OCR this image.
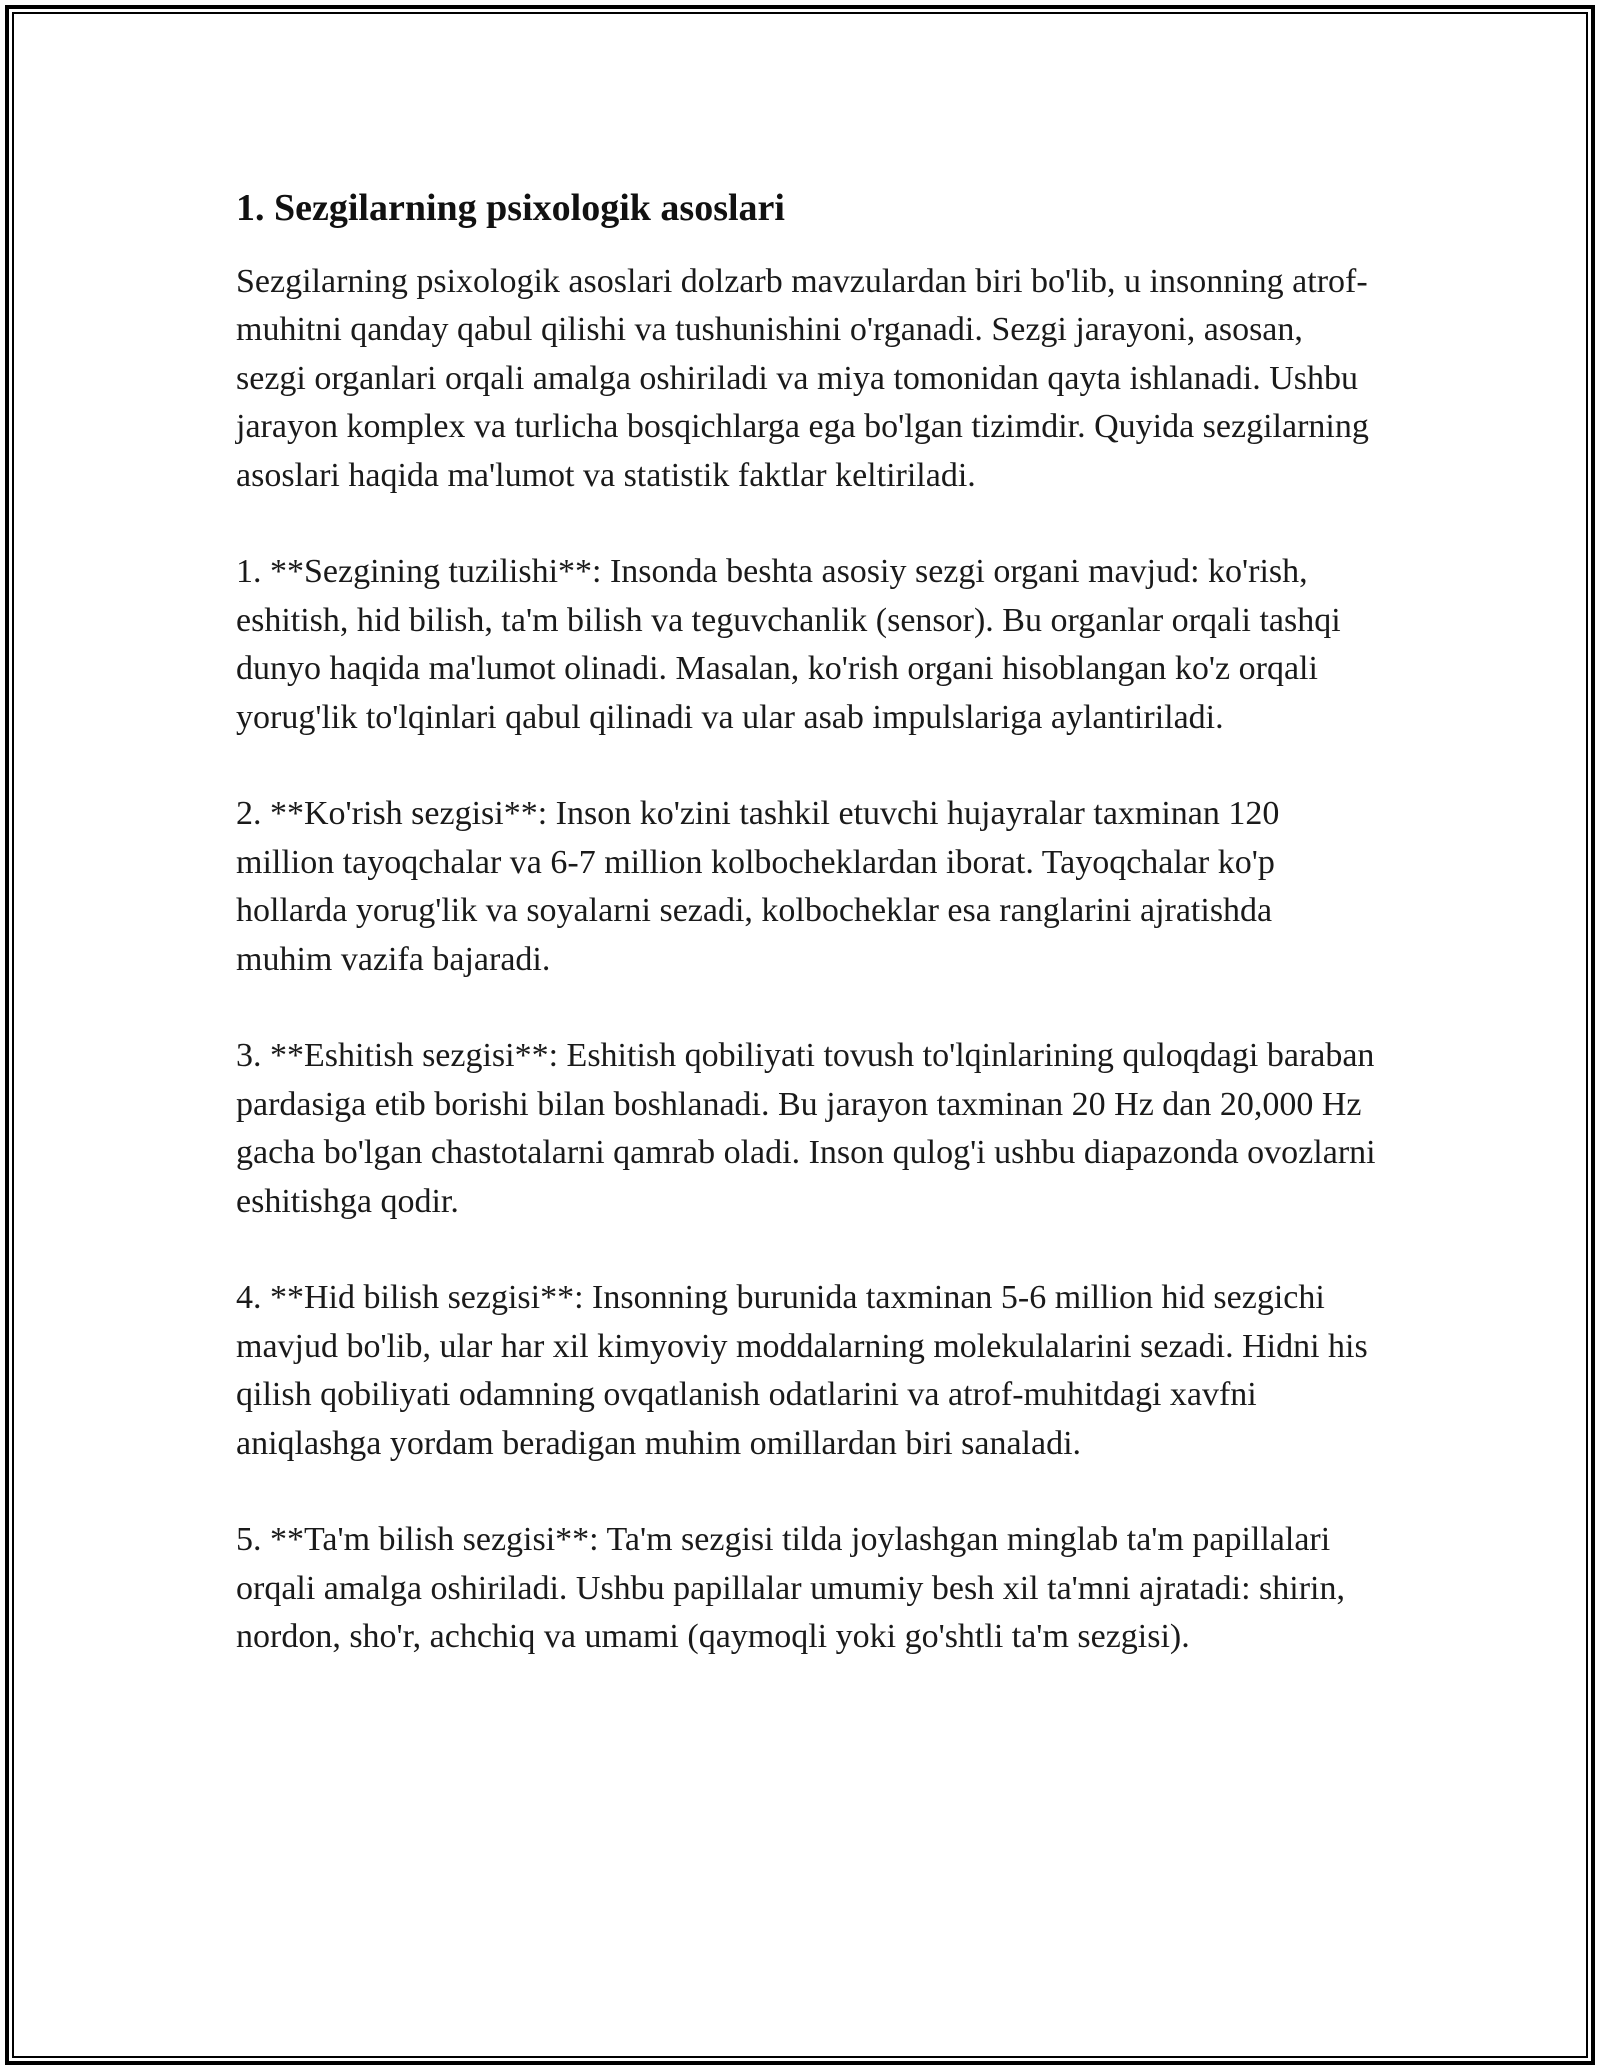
1. Sezgilarning psixologik asoslari

Sezgilarning psixologik asoslari dolzarb mavzulardan biri bo'lib, u insonning atrof-muhitni qanday qabul qilishi va tushunishini o'rganadi. Sezgi jarayoni, asosan, sezgi organlari orqali amalga oshiriladi va miya tomonidan qayta ishlanadi. Ushbu jarayon komplex va turlicha bosqichlarga ega bo'lgan tizimdir. Quyida sezgilarning asoslari haqida ma'lumot va statistik faktlar keltiriladi.

1. **Sezgining tuzilishi**: Insonda beshta asosiy sezgi organi mavjud: ko'rish, eshitish, hid bilish, ta'm bilish va teguvchanlik (sensor). Bu organlar orqali tashqi dunyo haqida ma'lumot olinadi. Masalan, ko'rish organi hisoblangan ko'z orqali yorug'lik to'lqinlari qabul qilinadi va ular asab impulslariga aylantiriladi.

2. **Ko'rish sezgisi**: Inson ko'zini tashkil etuvchi hujayralar taxminan 120 million tayoqchalar va 6-7 million kolbocheklardan iborat. Tayoqchalar ko'p hollarda yorug'lik va soyalarni sezadi, kolbocheklar esa ranglarini ajratishda muhim vazifa bajaradi.

3. **Eshitish sezgisi**: Eshitish qobiliyati tovush to'lqinlarining quloqdagi baraban pardasiga etib borishi bilan boshlanadi. Bu jarayon taxminan 20 Hz dan 20,000 Hz gacha bo'lgan chastotalarni qamrab oladi. Inson qulog'i ushbu diapazonda ovozlarni eshitishga qodir.

4. **Hid bilish sezgisi**: Insonning burunida taxminan 5-6 million hid sezgichi mavjud bo'lib, ular har xil kimyoviy moddalarning molekulalarini sezadi. Hidni his qilish qobiliyati odamning ovqatlanish odatlarini va atrof-muhitdagi xavfni aniqlashga yordam beradigan muhim omillardan biri sanaladi.

5. **Ta'm bilish sezgisi**: Ta'm sezgisi tilda joylashgan minglab ta'm papillalari orqali amalga oshiriladi. Ushbu papillalar umumiy besh xil ta'mni ajratadi: shirin, nordon, sho'r, achchiq va umami (qaymoqli yoki go'shtli ta'm sezgisi).
